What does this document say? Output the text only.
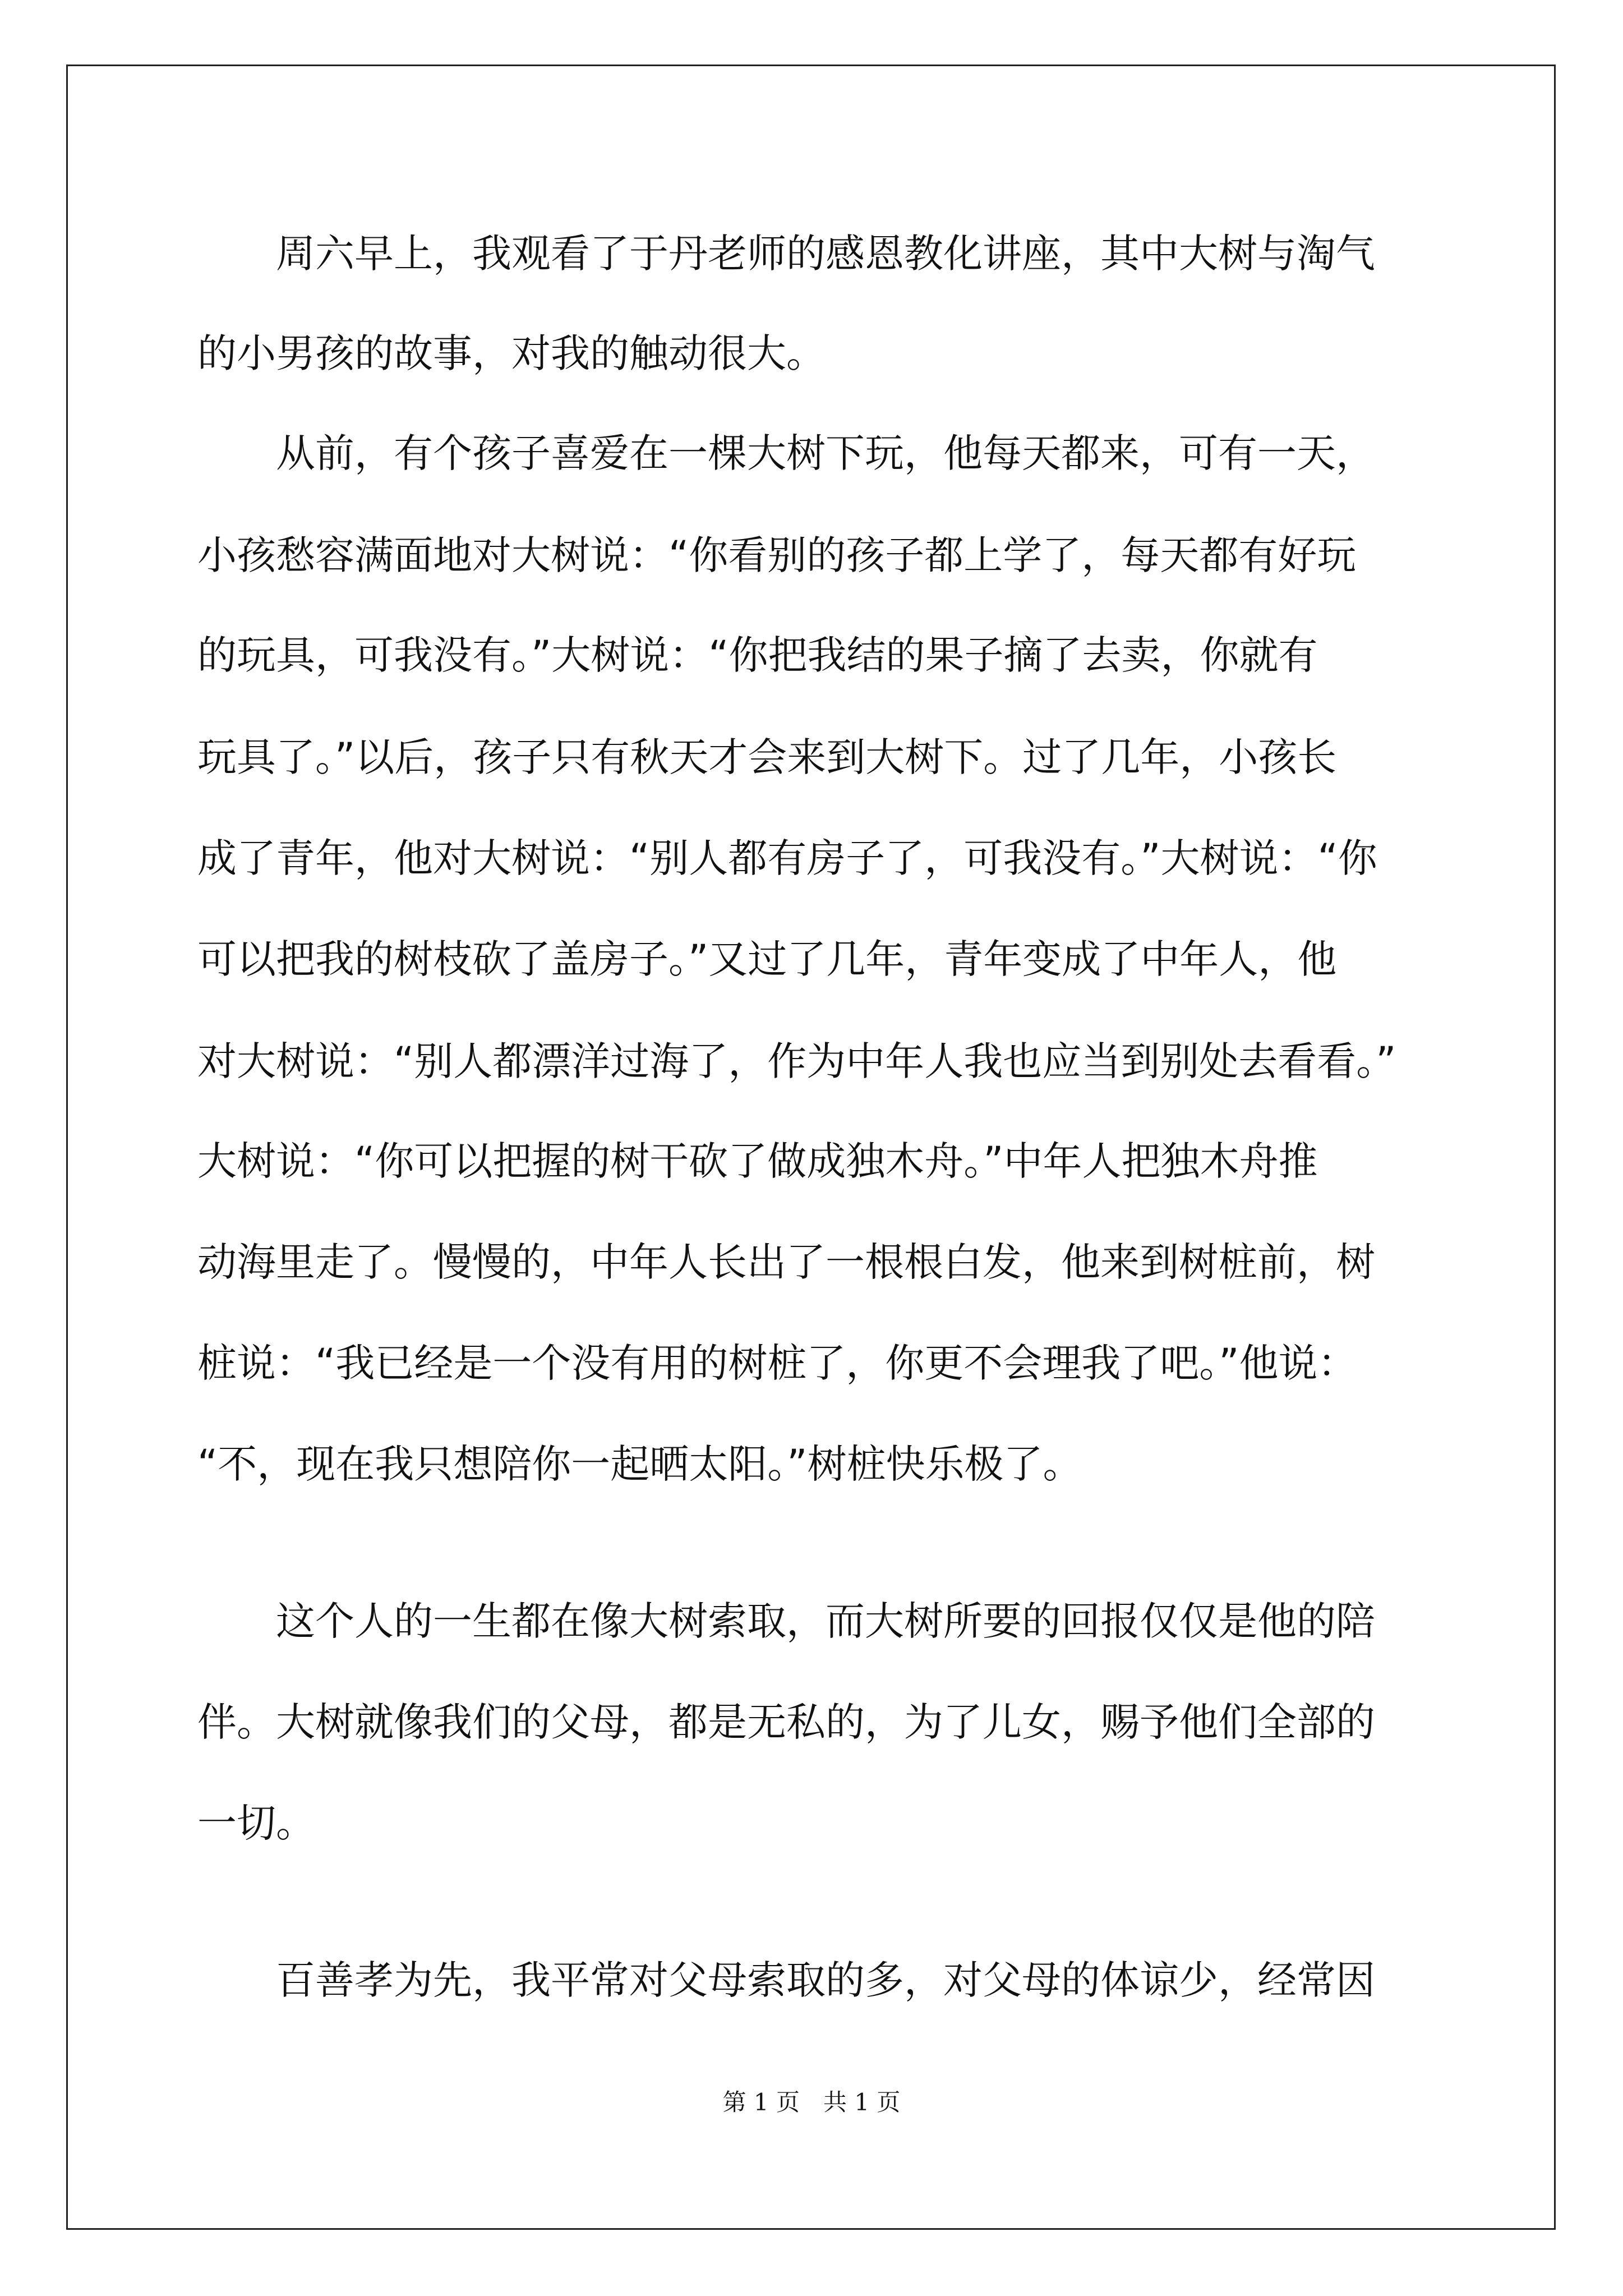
　　周六早上，我观看了于丹老师的感恩教化讲座，其中大树与淘气
的小男孩的故事，对我的触动很大。
　　从前，有个孩子喜爱在一棵大树下玩，他每天都来，可有一天，
小孩愁容满面地对大树说：“你看别的孩子都上学了，每天都有好玩
的玩具，可我没有。”大树说：“你把我结的果子摘了去卖，你就有
玩具了。”以后，孩子只有秋天才会来到大树下。过了几年，小孩长
成了青年，他对大树说：“别人都有房子了，可我没有。”大树说：“你
可以把我的树枝砍了盖房子。”又过了几年，青年变成了中年人，他
对大树说：“别人都漂洋过海了，作为中年人我也应当到别处去看看。”
大树说：“你可以把握的树干砍了做成独木舟。”中年人把独木舟推
动海里走了。慢慢的，中年人长出了一根根白发，他来到树桩前，树
桩说：“我已经是一个没有用的树桩了，你更不会理我了吧。”他说：
“不，现在我只想陪你一起晒太阳。”树桩快乐极了。
　　这个人的一生都在像大树索取，而大树所要的回报仅仅是他的陪
伴。大树就像我们的父母，都是无私的，为了儿女，赐予他们全部的
一切。
　　百善孝为先，我平常对父母索取的多，对父母的体谅少，经常因
第 1 页　共 1 页
